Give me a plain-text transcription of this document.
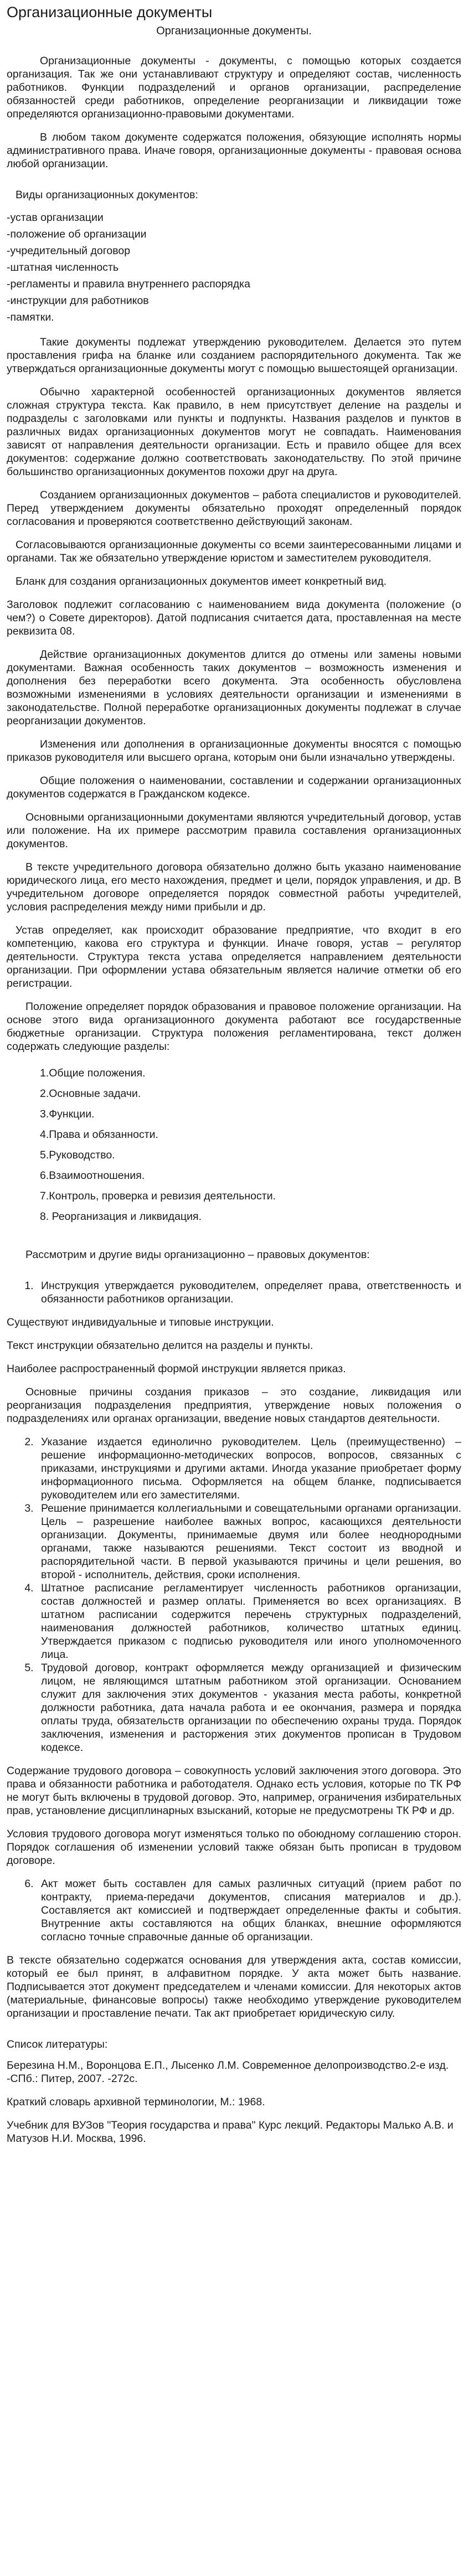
Организационные документы
Организационные документы.

Организационные документы - документы, с помощью которых создается организация. Так же они устанавливают структуру и определяют состав, численность работников. Функции подразделений и органов организации, распределение обязанностей среди работников, определение реорганизации и ликвидации тоже определяются организационно-правовыми документами.

В любом таком документе содержатся положения, обязующие исполнять нормы административного права. Иначе говоря, организационные документы - правовая основа любой организации.

Виды организационных документов:

-устав организации
-положение об организации
-учредительный договор
-штатная численность
-регламенты и правила внутреннего распорядка
-инструкции для работников
-памятки.

Такие документы подлежат утверждению руководителем. Делается это путем проставления грифа на бланке или созданием распорядительного документа. Так же утверждаться организационные документы могут с помощью вышестоящей организации.

Обычно характерной особенностей организационных документов является сложная структура текста. Как правило, в нем присутствует деление на разделы и подразделы с заголовками или пункты и подпункты. Названия разделов и пунктов в различных видах организационных документов могут не совпадать. Наименования зависят от направления деятельности организации. Есть и правило общее для всех документов: содержание должно соответствовать законодательству. По этой причине большинство организационных документов похожи друг на друга.

Созданием организационных документов – работа специалистов и руководителей. Перед утверждением документы обязательно проходят определенный порядок согласования и проверяются соответственно действующий законам.

Согласовываются организационные документы со всеми заинтересованными лицами и органами. Так же обязательно утверждение юристом и заместителем руководителя.

Бланк для создания организационных документов имеет конкретный вид.

Заголовок подлежит согласованию с наименованием вида документа (положение (о чем?) о Совете директоров). Датой подписания считается дата, проставленная на месте реквизита 08.

Действие организационных документов длится до отмены или замены новыми документами. Важная особенность таких документов – возможность изменения и дополнения без переработки всего документа. Эта особенность обусловлена возможными изменениями в условиях деятельности организации и изменениями в законодательстве. Полной переработке организационных документы подлежат в случае реорганизации документов.

Изменения или дополнения в организационные документы вносятся с помощью приказов руководителя или высшего органа, которым они были изначально утверждены.

Общие положения о наименовании, составлении и содержании организационных документов содержатся в Гражданском кодексе.

Основными организационными документами являются учредительный договор, устав или положение. На их примере рассмотрим правила составления организационных документов.

В тексте учредительного договора обязательно должно быть указано наименование юридического лица, его место нахождения, предмет и цели, порядок управления, и др. В учредительном договоре определяется порядок совместной работы учредителей, условия распределения между ними прибыли и др.

Устав определяет, как происходит образование предприятие, что входит в его компетенцию, какова его структура и функции. Иначе говоря, устав – регулятор деятельности. Структура текста устава определяется направлением деятельности организации. При оформлении устава обязательным является наличие отметки об его регистрации.

Положение определяет порядок образования и правовое положение организации. На основе этого вида организационного документа работают все государственные бюджетные организации. Структура положения регламентирована, текст должен содержать следующие разделы:

1.Общие положения.
2.Основные задачи.
3.Функции.
4.Права и обязанности.
5.Руководство.
6.Взаимоотношения.
7.Контроль, проверка и ревизия деятельности.
8. Реорганизация и ликвидация.

Рассмотрим и другие виды организационно – правовых документов:

1. Инструкция утверждается руководителем, определяет права, ответственность и обязанности работников организации.

Существуют индивидуальные и типовые инструкции.

Текст инструкции обязательно делится на разделы и пункты.

Наиболее распространенный формой инструкции является приказ.

Основные причины создания приказов – это создание, ликвидация или реорганизация подразделения предприятия, утверждение новых положения о подразделениях или органах организации, введение новых стандартов деятельности.

2. Указание издается единолично руководителем. Цель (преимущественно) – решение информационно-методических вопросов, вопросов, связанных с приказами, инструкциями и другими актами. Иногда указание приобретает форму информационного письма. Оформляется на общем бланке, подписывается руководителем или его заместителями.
3. Решение принимается коллегиальными и совещательными органами организации. Цель – разрешение наиболее важных вопрос, касающихся деятельности организации. Документы, принимаемые двумя или более неоднородными органами, также называются решениями. Текст состоит из вводной и распорядительной части. В первой указываются причины и цели решения, во второй - исполнитель, действия, сроки исполнения.
4. Штатное расписание регламентирует численность работников организации, состав должностей и размер оплаты. Применяется во всех организациях. В штатном расписании содержится перечень структурных подразделений, наименования должностей работников, количество штатных единиц. Утверждается приказом с подписью руководителя или иного уполномоченного лица.
5. Трудовой договор, контракт оформляется между организацией и физическим лицом, не являющимся штатным работником этой организации. Основанием служит для заключения этих документов - указания места работы, конкретной должности работника, дата начала работа и ее окончания, размера и порядка оплаты труда, обязательств организации по обеспечению охраны труда. Порядок заключения, изменения и расторжения этих документов прописан в Трудовом кодексе.

Содержание трудового договора – совокупность условий заключения этого договора. Это права и обязанности работника и работодателя. Однако есть условия, которые по ТК РФ не могут быть включены в трудовой договор. Это, например, ограничения избирательных прав, установление дисциплинарных взысканий, которые не предусмотрены ТК РФ и др.

Условия трудового договора могут изменяться только по обоюдному соглашению сторон. Порядок соглашения об изменении условий также обязан быть прописан в трудовом договоре.

6. Акт может быть составлен для самых различных ситуаций (прием работ по контракту, приема-передачи документов, списания материалов и др.). Составляется акт комиссией и подтверждает определенные факты и события. Внутренние акты составляются на общих бланках, внешние оформляются согласно точные справочные данные об организации.

В тексте обязательно содержатся основания для утверждения акта, состав комиссии, который ее был принят, в алфавитном порядке. У акта может быть название. Подписывается этот документ председателем и членами комиссии. Для некоторых актов (материальные, финансовые вопросы) также необходимо утверждение руководителем организации и проставление печати. Так акт приобретает юридическую силу.

Список литературы:

Березина Н.М., Воронцова Е.П., Лысенко Л.М. Современное делопроизводство.2-е изд. -СПб.: Питер, 2007. -272с.
Краткий словарь архивной терминологии, М.: 1968.
Учебник для ВУЗов "Теория государства и права" Курс лекций. Редакторы Малько А.В. и Матузов Н.И. Москва, 1996.
